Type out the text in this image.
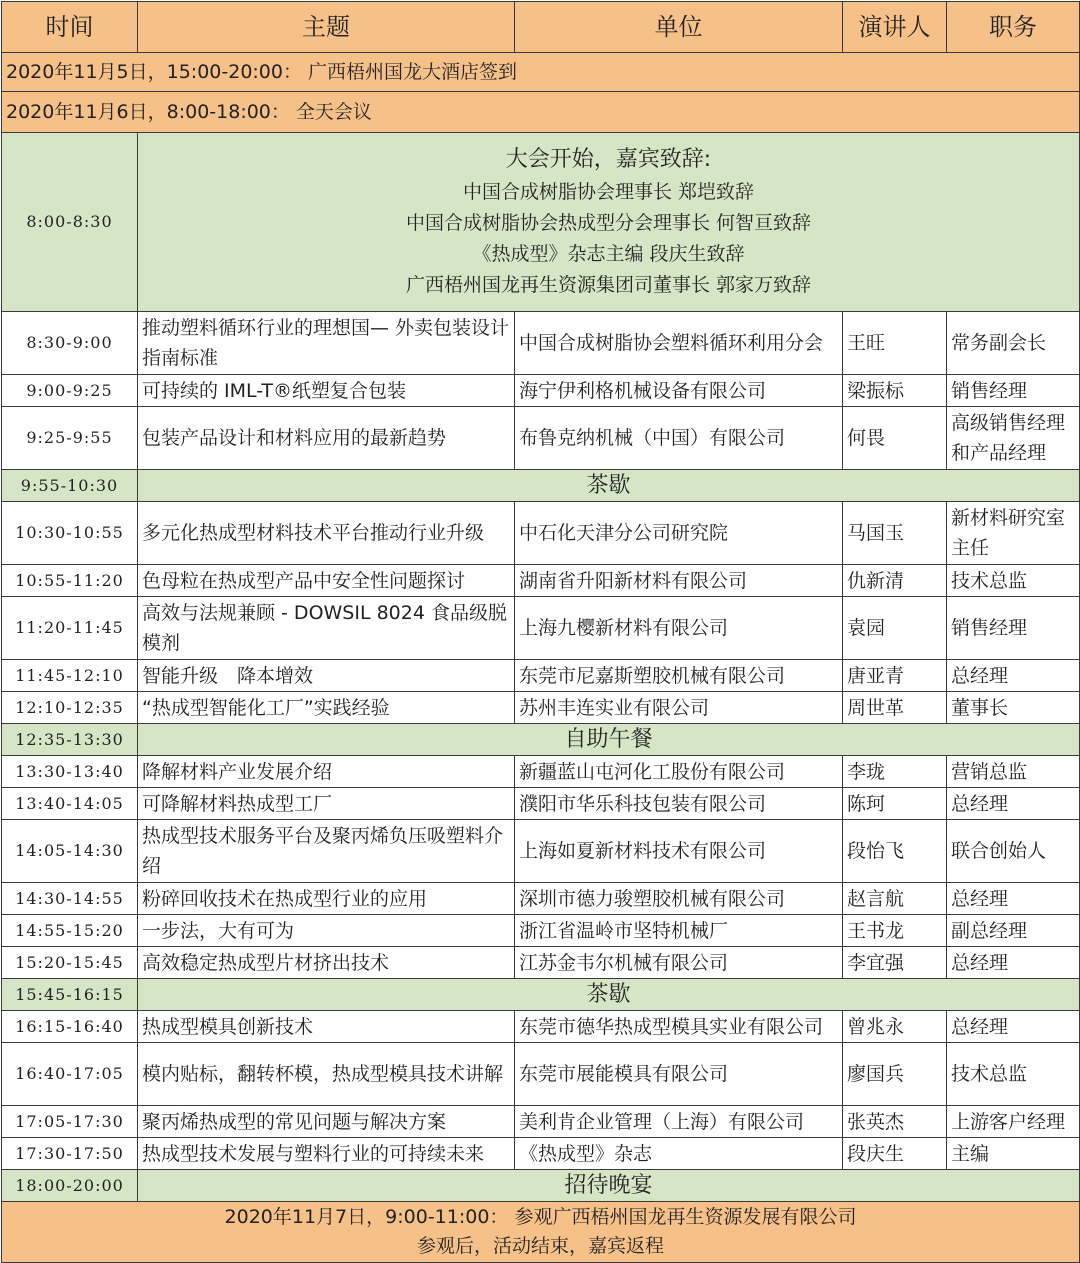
时间	主题	单位	演讲人	职务
2020年11月5日，15:00-20:00： 广西梧州国龙大酒店签到				
2020年11月6日，8:00-18:00： 全天会议				
8:00-8:30	大会开始，嘉宾致辞:
中国合成树脂协会理事长 郑垲致辞
中国合成树脂协会热成型分会理事长 何智亘致辞
《热成型》杂志主编 段庆生致辞
广西梧州国龙再生资源集团司董事长 郭家万致辞			

8:30-9:00	推动塑料循环行业的理想国— 外卖包装设计指南标准	中国合成树脂协会塑料循环利用分会	王旺	常务副会长
9:00-9:25	可持续的 IML-T®纸塑复合包装	海宁伊利格机械设备有限公司	梁振标	销售经理
9:25-9:55	包装产品设计和材料应用的最新趋势	布鲁克纳机械（中国）有限公司	何畏	高级销售经理和产品经理
9:55-10:30	茶歇			
10:30-10:55	多元化热成型材料技术平台推动行业升级	中石化天津分公司研究院	马国玉	新材料研究室主任
10:55-11:20	色母粒在热成型产品中安全性问题探讨	湖南省升阳新材料有限公司	仇新清	技术总监
11:20-11:45	高效与法规兼顾 - DOWSIL 8024 食品级脱模剂	上海九樱新材料有限公司	袁园	销售经理
11:45-12:10	智能升级　降本增效	东莞市尼嘉斯塑胶机械有限公司	唐亚青	总经理
12:10-12:35	“热成型智能化工厂”实践经验	苏州丰连实业有限公司	周世革	董事长
12:35-13:30	自助午餐			
13:30-13:40	降解材料产业发展介绍	新疆蓝山屯河化工股份有限公司	李珑	营销总监
13:40-14:05	可降解材料热成型工厂	濮阳市华乐科技包装有限公司	陈珂	总经理
14:05-14:30	热成型技术服务平台及聚丙烯负压吸塑料介绍	上海如夏新材料技术有限公司	段怡飞	联合创始人
14:30-14:55	粉碎回收技术在热成型行业的应用	深圳市德力骏塑胶机械有限公司	赵言航	总经理
14:55-15:20	一步法，大有可为	浙江省温岭市坚特机械厂	王书龙	副总经理
15:20-15:45	高效稳定热成型片材挤出技术	江苏金韦尔机械有限公司	李宜强	总经理
15:45-16:15	茶歇			
16:15-16:40	热成型模具创新技术	东莞市德华热成型模具实业有限公司	曾兆永	总经理
16:40-17:05	模内贴标，翻转杯模，热成型模具技术讲解	东莞市展能模具有限公司	廖国兵	技术总监
17:05-17:30	聚丙烯热成型的常见问题与解决方案	美利肯企业管理（上海）有限公司	张英杰	上游客户经理
17:30-17:50	热成型技术发展与塑料行业的可持续未来	《热成型》杂志	段庆生	主编
18:00-20:00	招待晚宴			

2020年11月7日，9:00-11:00： 参观广西梧州国龙再生资源发展有限公司
参观后，活动结束，嘉宾返程				
